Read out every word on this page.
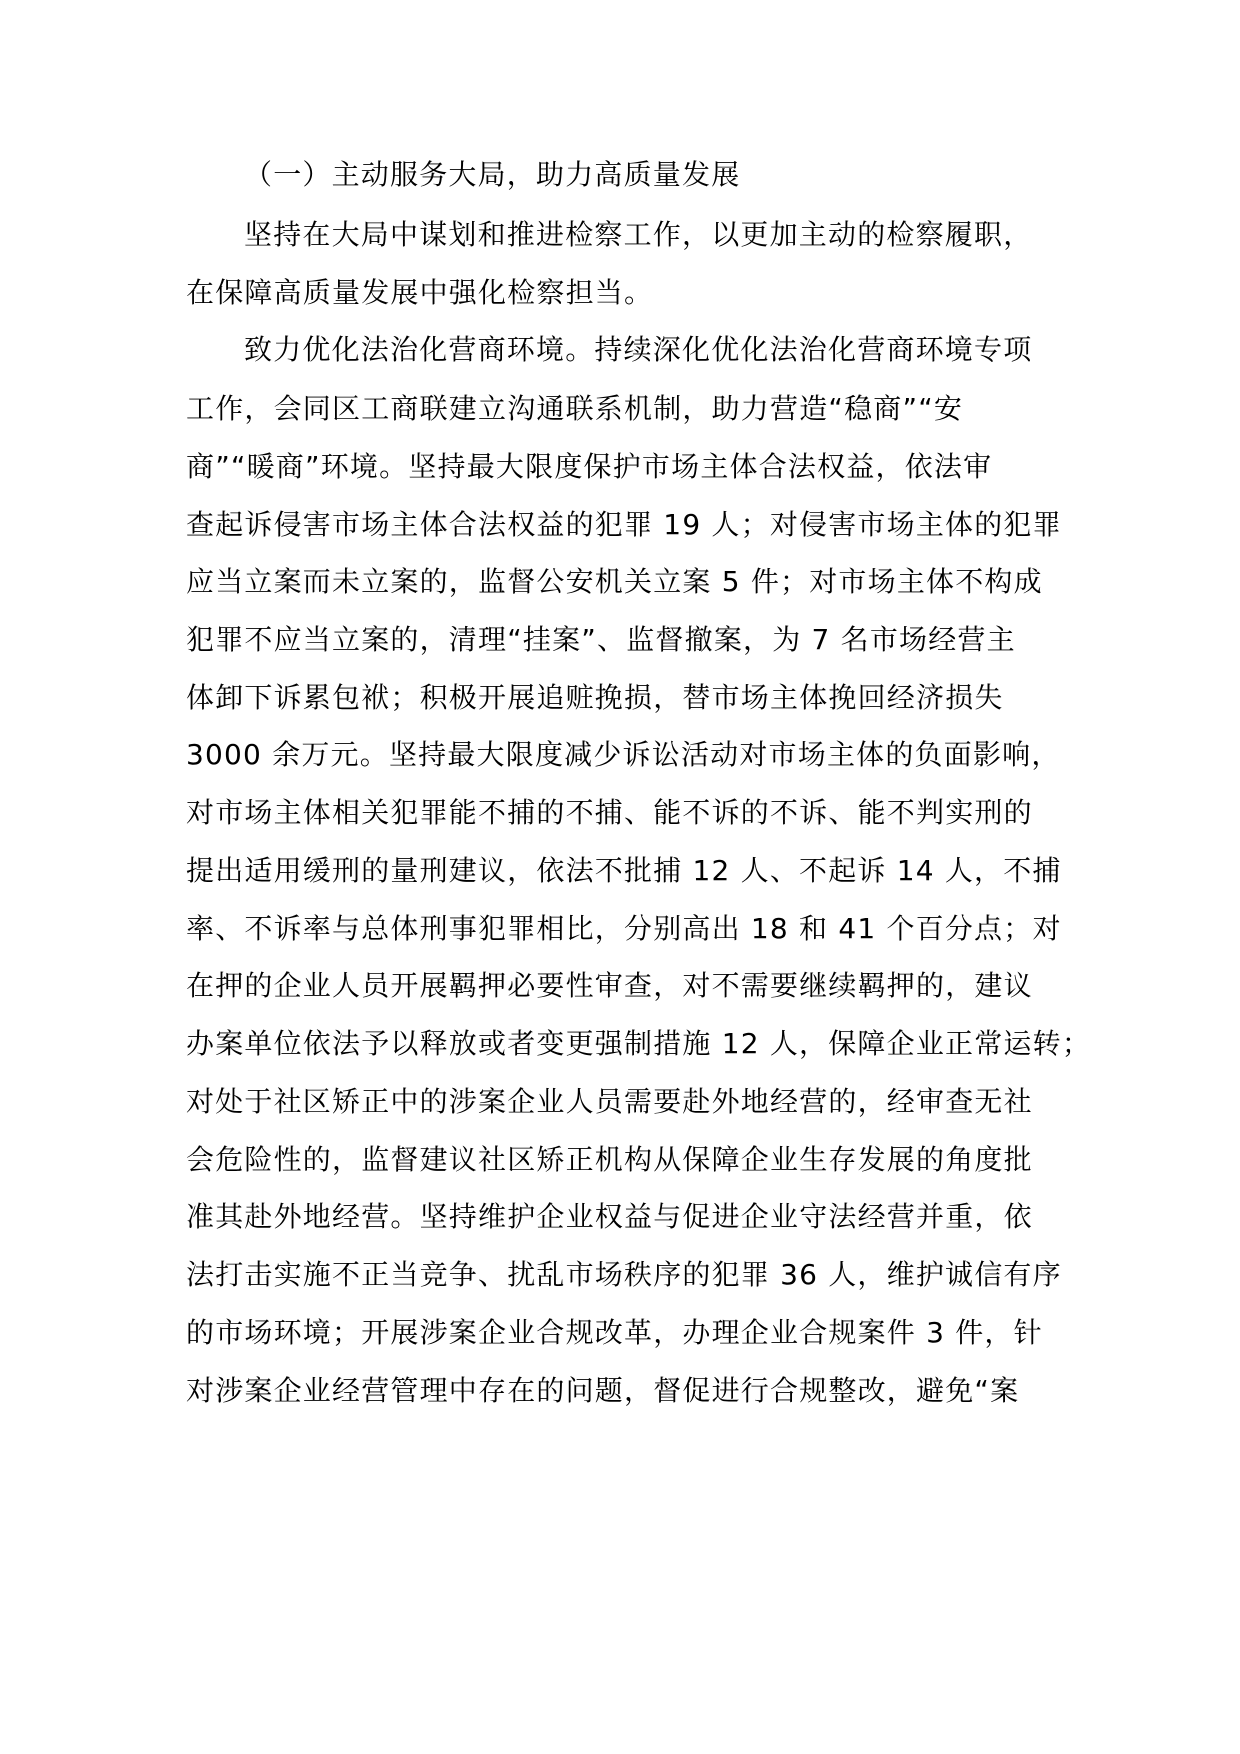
（一）主动服务大局，助力高质量发展
坚持在大局中谋划和推进检察工作，以更加主动的检察履职，
在保障高质量发展中强化检察担当。
致力优化法治化营商环境。持续深化优化法治化营商环境专项
工作，会同区工商联建立沟通联系机制，助力营造“稳商”“安
商”“暖商”环境。坚持最大限度保护市场主体合法权益，依法审
查起诉侵害市场主体合法权益的犯罪 19 人；对侵害市场主体的犯罪
应当立案而未立案的，监督公安机关立案 5 件；对市场主体不构成
犯罪不应当立案的，清理“挂案”、监督撤案，为 7 名市场经营主
体卸下诉累包袱；积极开展追赃挽损，替市场主体挽回经济损失
3000 余万元。坚持最大限度减少诉讼活动对市场主体的负面影响，
对市场主体相关犯罪能不捕的不捕、能不诉的不诉、能不判实刑的
提出适用缓刑的量刑建议，依法不批捕 12 人、不起诉 14 人，不捕
率、不诉率与总体刑事犯罪相比，分别高出 18 和 41 个百分点；对
在押的企业人员开展羁押必要性审查，对不需要继续羁押的，建议
办案单位依法予以释放或者变更强制措施 12 人，保障企业正常运转；
对处于社区矫正中的涉案企业人员需要赴外地经营的，经审查无社
会危险性的，监督建议社区矫正机构从保障企业生存发展的角度批
准其赴外地经营。坚持维护企业权益与促进企业守法经营并重，依
法打击实施不正当竞争、扰乱市场秩序的犯罪 36 人，维护诚信有序
的市场环境；开展涉案企业合规改革，办理企业合规案件 3 件，针
对涉案企业经营管理中存在的问题，督促进行合规整改，避免“案
